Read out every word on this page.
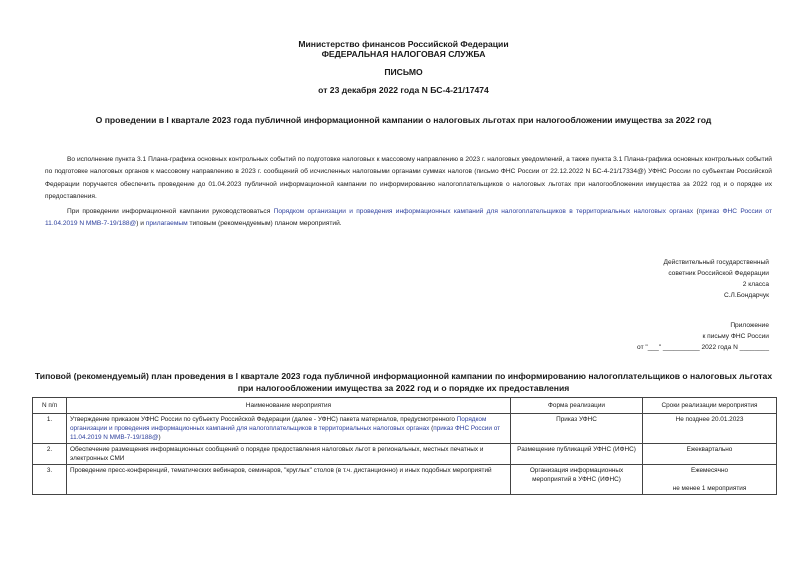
Министерство финансов Российской Федерации
ФЕДЕРАЛЬНАЯ НАЛОГОВАЯ СЛУЖБА
ПИСЬМО
от 23 декабря 2022 года N БС-4-21/17474
О проведении в I квартале 2023 года публичной информационной кампании о налоговых льготах при налогообложении имущества за 2022 год

Во исполнение пункта 3.1 Плана-графика основных контрольных событий по подготовке налоговых к массовому направлению в 2023 г. налоговых уведомлений, а также пункта 3.1 Плана-графика основных контрольных событий по подготовке налоговых органов к массовому направлению в 2023 г. сообщений об исчисленных налоговыми органами суммах налогов (письмо ФНС России от 22.12.2022 N БС-4-21/17334@) УФНС России по субъектам Российской Федерации поручается обеспечить проведение до 01.04.2023 публичной информационной кампании по информированию налогоплательщиков о налоговых льготах при налогообложении имущества за 2022 год и о порядке их предоставления.

При проведении информационной кампании руководствоваться Порядком организации и проведения информационных кампаний для налогоплательщиков в территориальных налоговых органах (приказ ФНС России от 11.04.2019 N ММВ-7-19/188@) и прилагаемым типовым (рекомендуемым) планом мероприятий.

Действительный государственный
советник Российской Федерации
2 класса
С.Л.Бондарчук
Приложение
к письму ФНС России
от "___" __________ 2022 года N ________
Типовой (рекомендуемый) план проведения в I квартале 2023 года публичной информационной кампании по информированию налогоплательщиков о налоговых льготах при налогообложении имущества за 2022 год и о порядке их предоставления
N п/п	Наименование мероприятия	Форма реализации	Сроки реализации мероприятия
1.	Утверждение приказом УФНС России по субъекту Российской Федерации (далее - УФНС) пакета материалов, предусмотренного Порядком организации и проведения информационных кампаний для налогоплательщиков в территориальных налоговых органах (приказ ФНС России от 11.04.2019 N ММВ-7-19/188@)	Приказ УФНС	Не позднее 20.01.2023
2.	Обеспечение размещения информационных сообщений о порядке предоставления налоговых льгот в региональных, местных печатных и электронных СМИ	Размещение публикаций УФНС (ИФНС)	Ежеквартально
3.	Проведение пресс-конференций, тематических вебинаров, семинаров, "круглых" столов (в т.ч. дистанционно) и иных подобных мероприятий	Организация информационных мероприятий в УФНС (ИФНС)	Ежемесячно
не менее 1 мероприятия
